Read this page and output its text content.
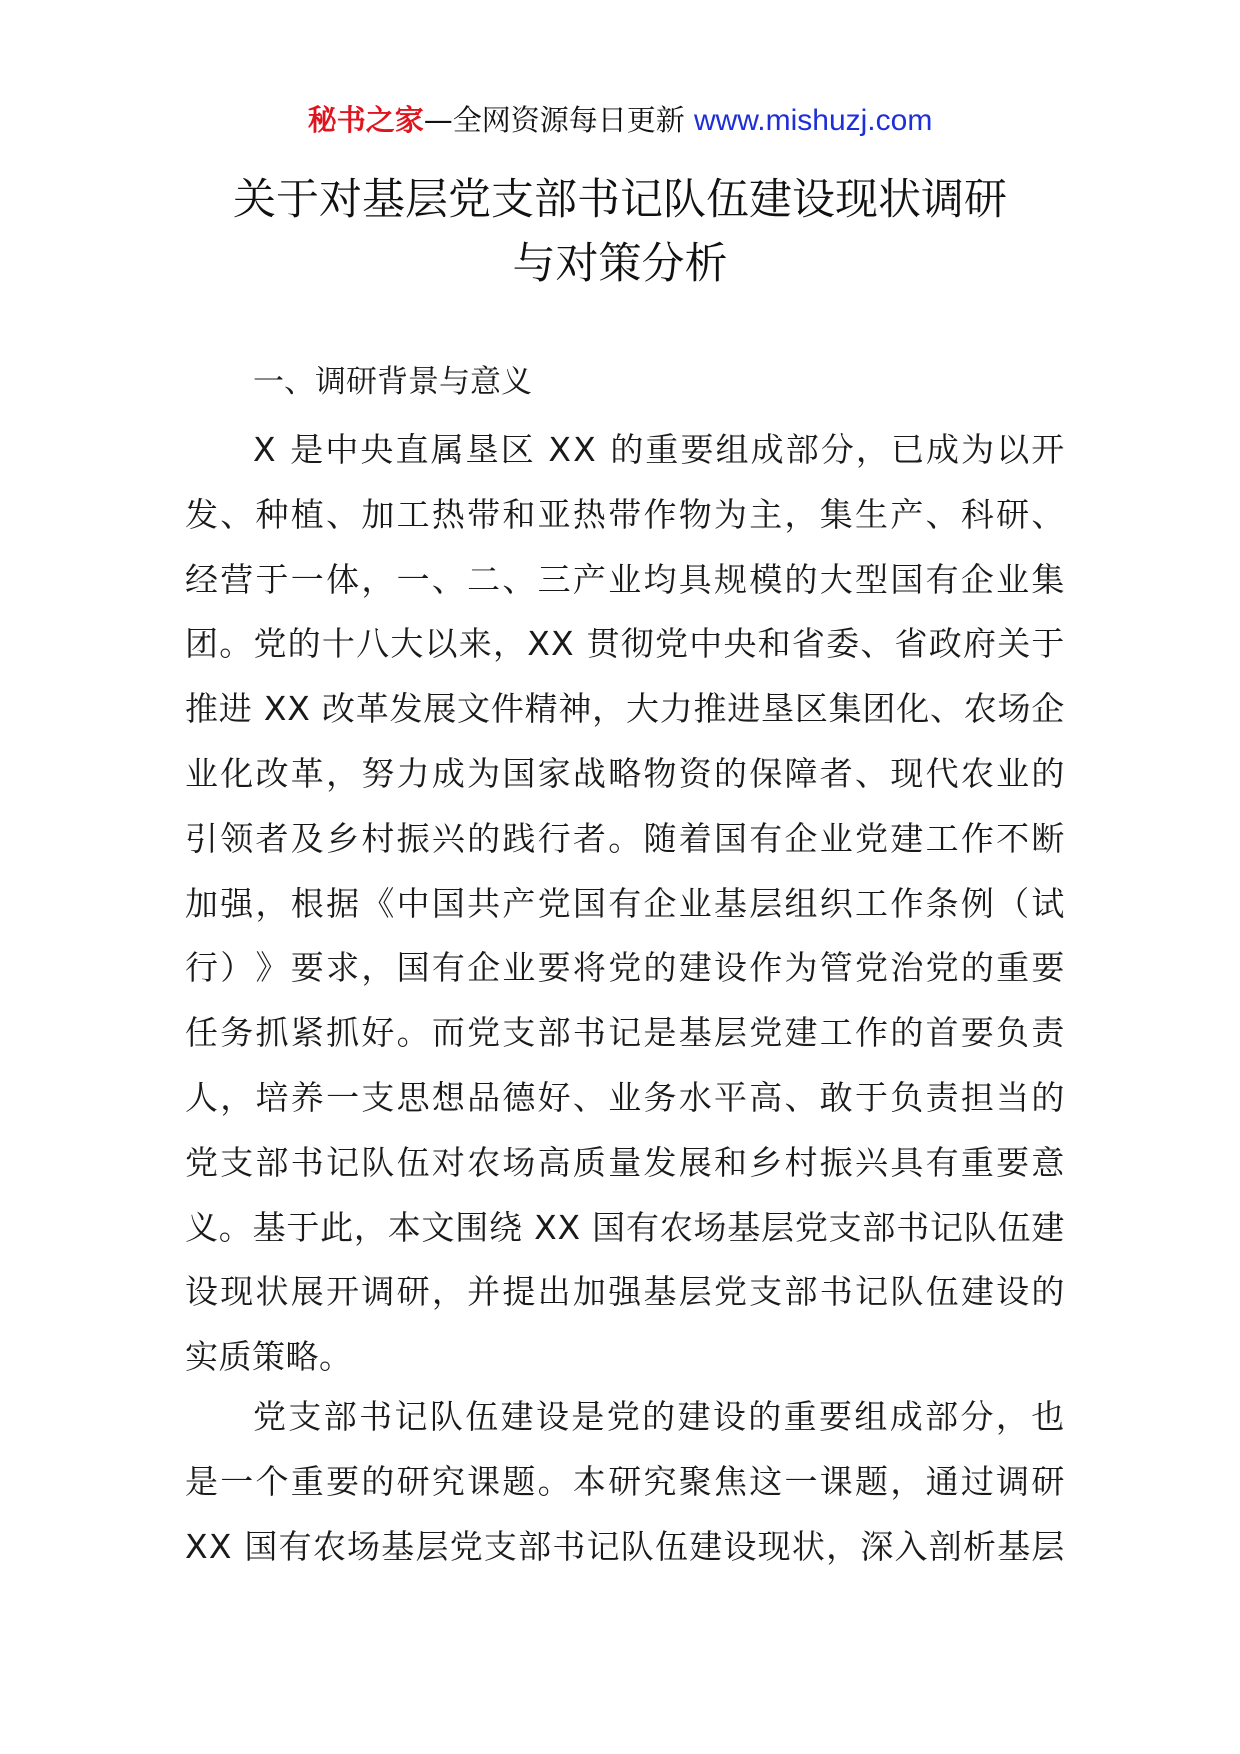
秘书之家—全网资源每日更新 www.mishuzj.com
关于对基层党支部书记队伍建设现状调研
与对策分析
一、调研背景与意义
X
是 中 央 直 属 垦 区
X X
的 重 要 组 成 部 分 ， 已 成 为 以 开
发 、 种 植 、 加 工 热 带 和 亚 热 带 作 物 为 主 ， 集 生 产 、 科 研 、
经 营 于 一 体 ， 一 、 二 、 三 产 业 均 具 规 模 的 大 型 国 有 企 业 集
团 。 党 的 十 八 大 以 来 ， X X
贯 彻 党 中 央 和 省 委 、 省 政 府 关 于
推 进
X X
改 革 发 展 文 件 精 神 ， 大 力 推 进 垦 区 集 团 化 、 农 场 企
业 化 改 革 ， 努 力 成 为 国 家 战 略 物 资 的 保 障 者 、 现 代 农 业 的
引 领 者 及 乡 村 振 兴 的 践 行 者 。 随 着 国 有 企 业 党 建 工 作 不 断
加 强 ， 根 据 《 中 国 共 产 党 国 有 企 业 基 层 组 织 工 作 条 例 （ 试
行 ） 》 要 求 ， 国 有 企 业 要 将 党 的 建 设 作 为 管 党 治 党 的 重 要
任 务 抓 紧 抓 好 。 而 党 支 部 书 记 是 基 层 党 建 工 作 的 首 要 负 责
人 ， 培 养 一 支 思 想 品 德 好 、 业 务 水 平 高 、 敢 于 负 责 担 当 的
党 支 部 书 记 队 伍 对 农 场 高 质 量 发 展 和 乡 村 振 兴 具 有 重 要 意
义 。 基 于 此 ， 本 文 围 绕
X X
国 有 农 场 基 层 党 支 部 书 记 队 伍 建
设 现 状 展 开 调 研 ， 并 提 出 加 强 基 层 党 支 部 书 记 队 伍 建 设 的
实质策略。
党 支 部 书 记 队 伍 建 设 是 党 的 建 设 的 重 要 组 成 部 分 ， 也
是 一 个 重 要 的 研 究 课 题 。 本 研 究 聚 焦 这 一 课 题 ， 通 过 调 研
X X
国 有 农 场 基 层 党 支 部 书 记 队 伍 建 设 现 状 ， 深 入 剖 析 基 层
